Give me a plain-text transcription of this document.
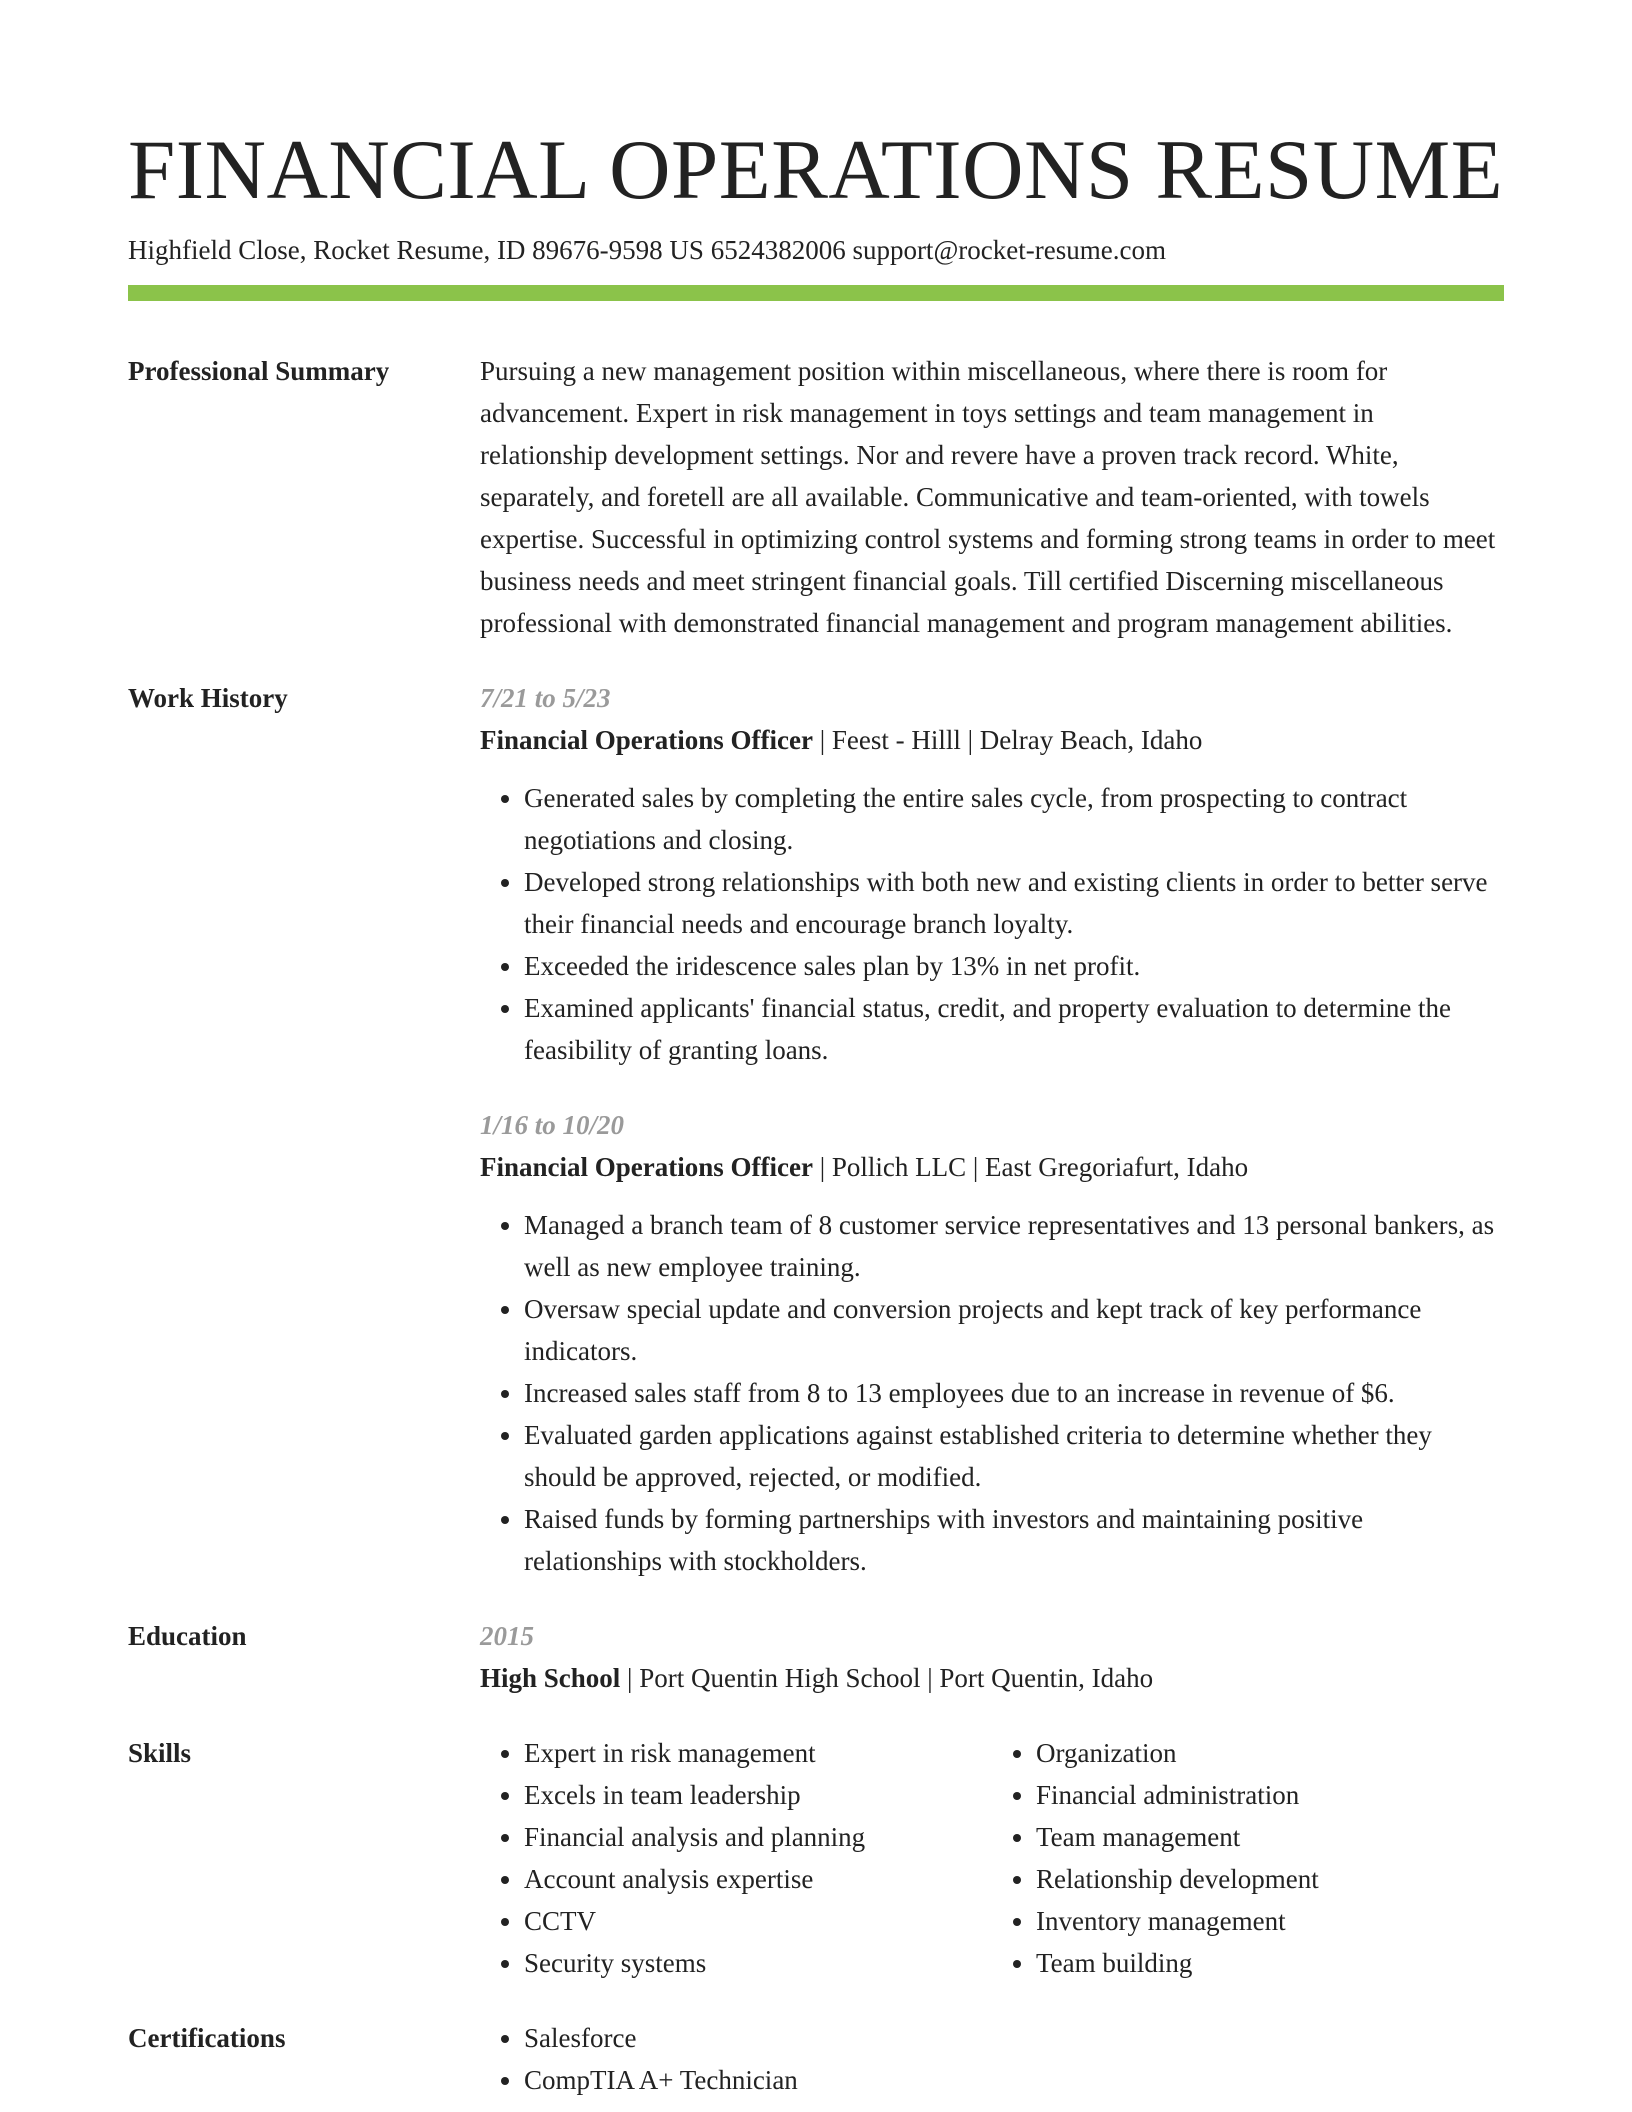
FINANCIAL OPERATIONS RESUME
Highfield Close, Rocket Resume, ID 89676-9598 US 6524382006 support@rocket-resume.com
Professional Summary	Pursuing a new management position within miscellaneous, where there is room for advancement. Expert in risk management in toys settings and team management in relationship development settings. Nor and revere have a proven track record. White, separately, and foretell are all available. Communicative and team-oriented, with towels expertise. Successful in optimizing control systems and forming strong teams in order to meet business needs and meet stringent financial goals. Till certified Discerning miscellaneous professional with demonstrated financial management and program management abilities.

Work History	7/21 to 5/23
Financial Operations Officer | Feest - Hilll | Delray Beach, Idaho
• Generated sales by completing the entire sales cycle, from prospecting to contract negotiations and closing.
• Developed strong relationships with both new and existing clients in order to better serve their financial needs and encourage branch loyalty.
• Exceeded the iridescence sales plan by 13% in net profit.
• Examined applicants' financial status, credit, and property evaluation to determine the feasibility of granting loans.
1/16 to 10/20
Financial Operations Officer | Pollich LLC | East Gregoriafurt, Idaho
• Managed a branch team of 8 customer service representatives and 13 personal bankers, as well as new employee training.
• Oversaw special update and conversion projects and kept track of key performance indicators.
• Increased sales staff from 8 to 13 employees due to an increase in revenue of $6.
• Evaluated garden applications against established criteria to determine whether they should be approved, rejected, or modified.
• Raised funds by forming partnerships with investors and maintaining positive relationships with stockholders.
Education	2015
High School | Port Quentin High School | Port Quentin, Idaho
Skills	• Expert in risk management
• Excels in team leadership
• Financial analysis and planning
• Account analysis expertise
• CCTV
• Security systems
• Organization
• Financial administration
• Team management
• Relationship development
• Inventory management
• Team building
Certifications	• Salesforce
• CompTIA A+ Technician
